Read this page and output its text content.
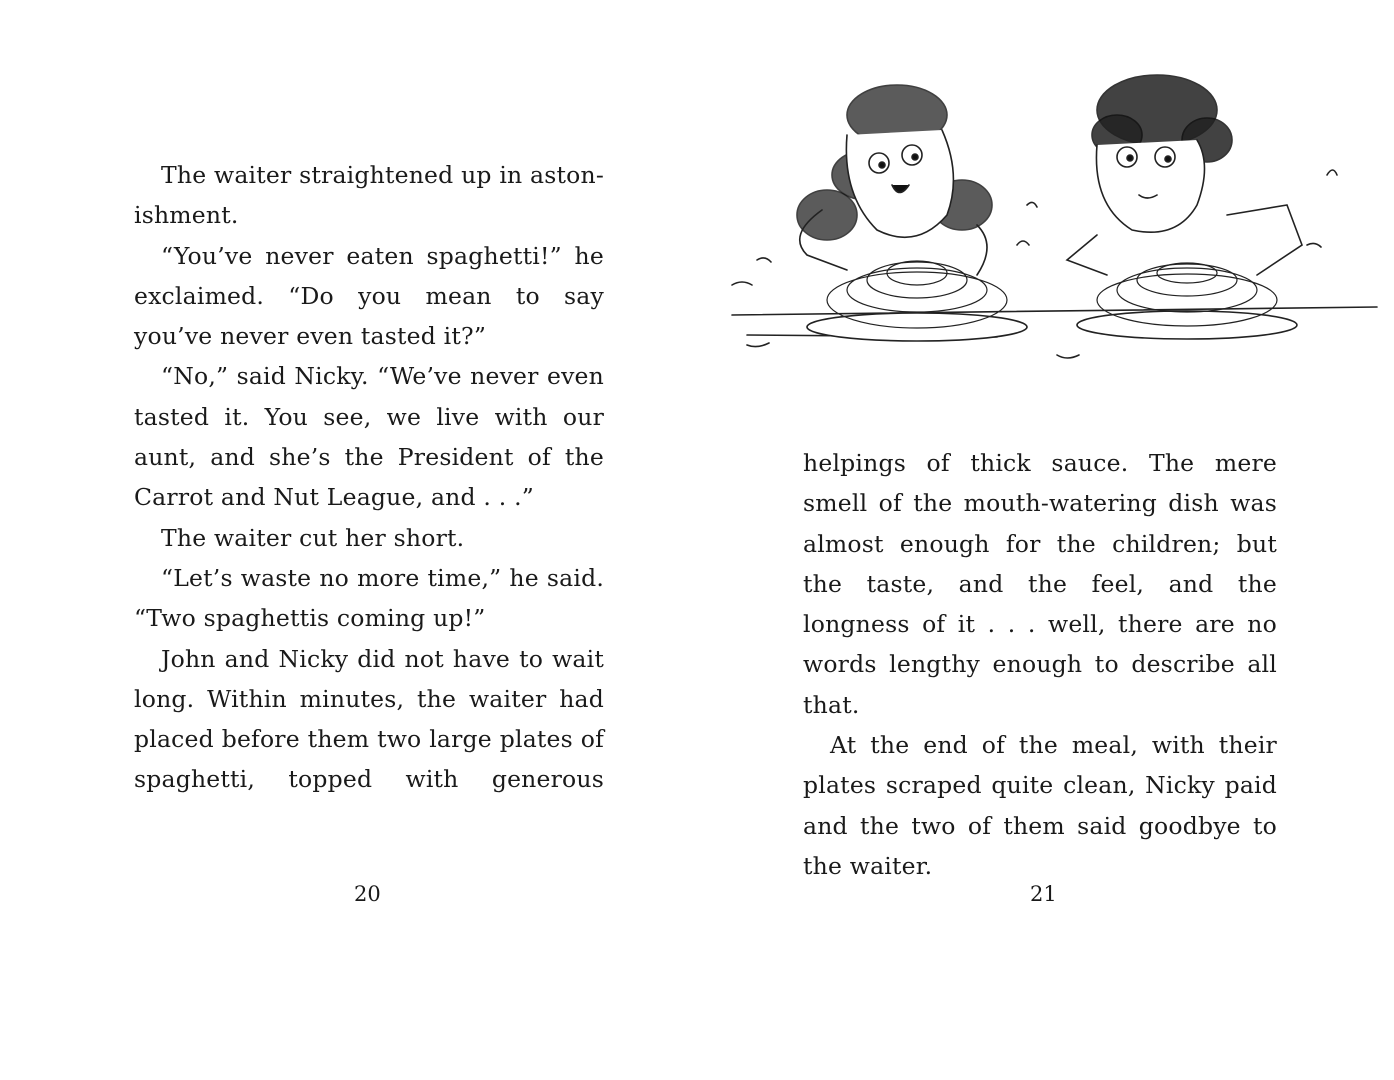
The waiter straightened up in aston-ishment.

“You’ve never eaten spaghetti!” he exclaimed. “Do you mean to say you’ve never even tasted it?”

“No,” said Nicky. “We’ve never even tasted it. You see, we live with our aunt, and she’s the President of the Carrot and Nut League, and . . .”

The waiter cut her short.

“Let’s waste no more time,” he said. “Two spaghettis coming up!”

John and Nicky did not have to wait long. Within minutes, the waiter had placed before them two large plates of spaghetti, topped with generous

20

helpings of thick sauce. The mere smell of the mouth-watering dish was almost enough for the children; but the taste, and the feel, and the longness of it . . . well, there are no words lengthy enough to describe all that.

At the end of the meal, with their plates scraped quite clean, Nicky paid and the two of them said goodbye to the waiter.

21
